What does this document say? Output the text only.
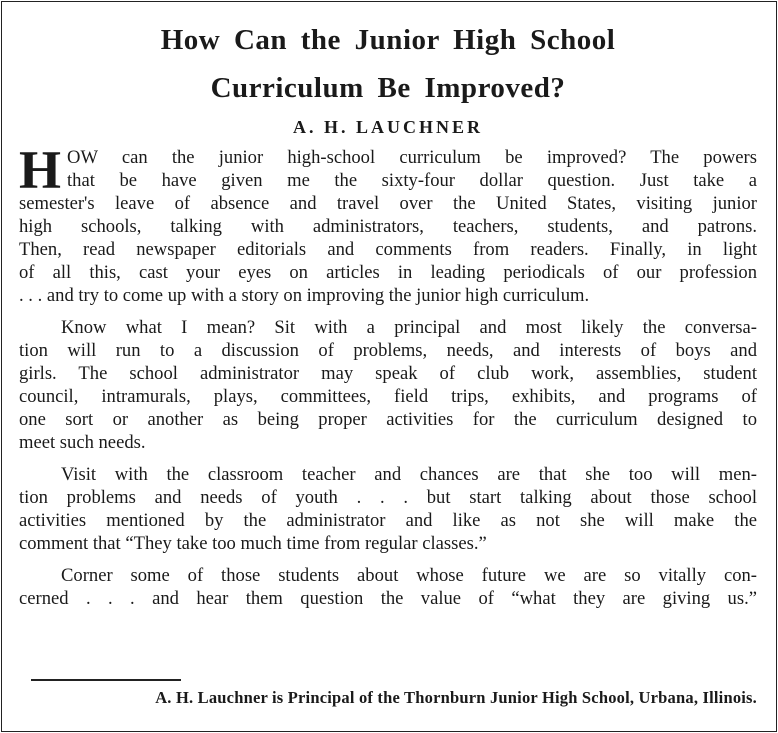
How Can the Junior High School
Curriculum Be Improved?
A. H. LAUCHNER

H OW can the junior high-school curriculum be improved? The powers
that be have given me the sixty-four dollar question. Just take a
semester's leave of absence and travel over the United States, visiting junior
high schools, talking with administrators, teachers, students, and patrons.
Then, read newspaper editorials and comments from readers. Finally, in light
of all this, cast your eyes on articles in leading periodicals of our profession
. . . and try to come up with a story on improving the junior high curriculum.

Know what I mean? Sit with a principal and most likely the conversa-
tion will run to a discussion of problems, needs, and interests of boys and
girls. The school administrator may speak of club work, assemblies, student
council, intramurals, plays, committees, field trips, exhibits, and programs of
one sort or another as being proper activities for the curriculum designed to
meet such needs.

Visit with the classroom teacher and chances are that she too will men-
tion problems and needs of youth . . . but start talking about those school
activities mentioned by the administrator and like as not she will make the
comment that “They take too much time from regular classes.”

Corner some of those students about whose future we are so vitally con-
cerned . . . and hear them question the value of “what they are giving us.”

A. H. Lauchner is Principal of the Thornburn Junior High School, Urbana, Illinois.
